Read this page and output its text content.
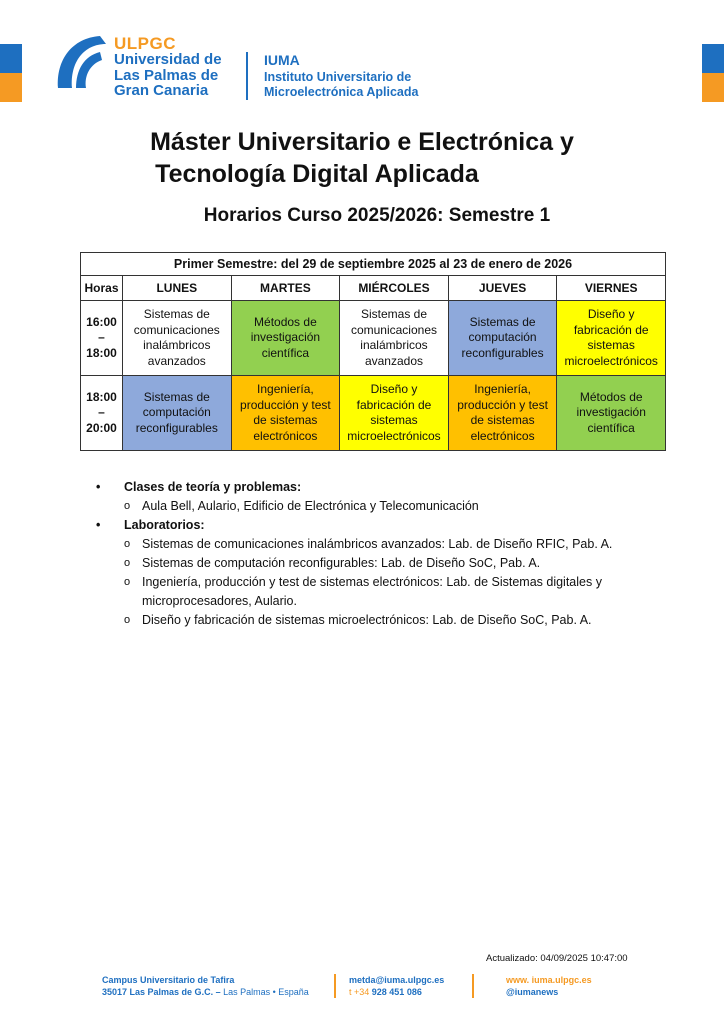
ULPGC
Universidad de
Las Palmas de
Gran Canaria
IUMA
Instituto Universitario de
Microelectrónica Aplicada
Máster Universitario e Electrónica y
Tecnología Digital Aplicada
Horarios Curso 2025/2026: Semestre 1
Primer Semestre: del 29 de septiembre 2025 al 23 de enero de 2026					
Horas	LUNES	MARTES	MIÉRCOLES	JUEVES	VIERNES

16:00
–
18:00	Sistemas de comunicaciones inalámbricos avanzados	Métodos de investigación científica	Sistemas de comunicaciones inalámbricos avanzados	Sistemas de computación reconfigurables	Diseño y fabricación de sistemas microelectrónicos

18:00
–
20:00	Sistemas de computación reconfigurables	Ingeniería, producción y test de sistemas electrónicos	Diseño y fabricación de sistemas microelectrónicos	Ingeniería, producción y test de sistemas electrónicos	Métodos de investigación científica
• Clases de teoría y problemas:
o Aula Bell, Aulario, Edificio de Electrónica y Telecomunicación
• Laboratorios:
o Sistemas de comunicaciones inalámbricos avanzados: Lab. de Diseño RFIC, Pab. A.
o Sistemas de computación reconfigurables: Lab. de Diseño SoC, Pab. A.
o Ingeniería, producción y test de sistemas electrónicos: Lab. de Sistemas digitales y microprocesadores, Aulario.
o Diseño y fabricación de sistemas microelectrónicos: Lab. de Diseño SoC, Pab. A.
Actualizado: 04/09/2025 10:47:00
Campus Universitario de Tafira
35017 Las Palmas de G.C. – Las Palmas • España
metda@iuma.ulpgc.es
t +34 928 451 086
www. iuma.ulpgc.es
@iumanews
